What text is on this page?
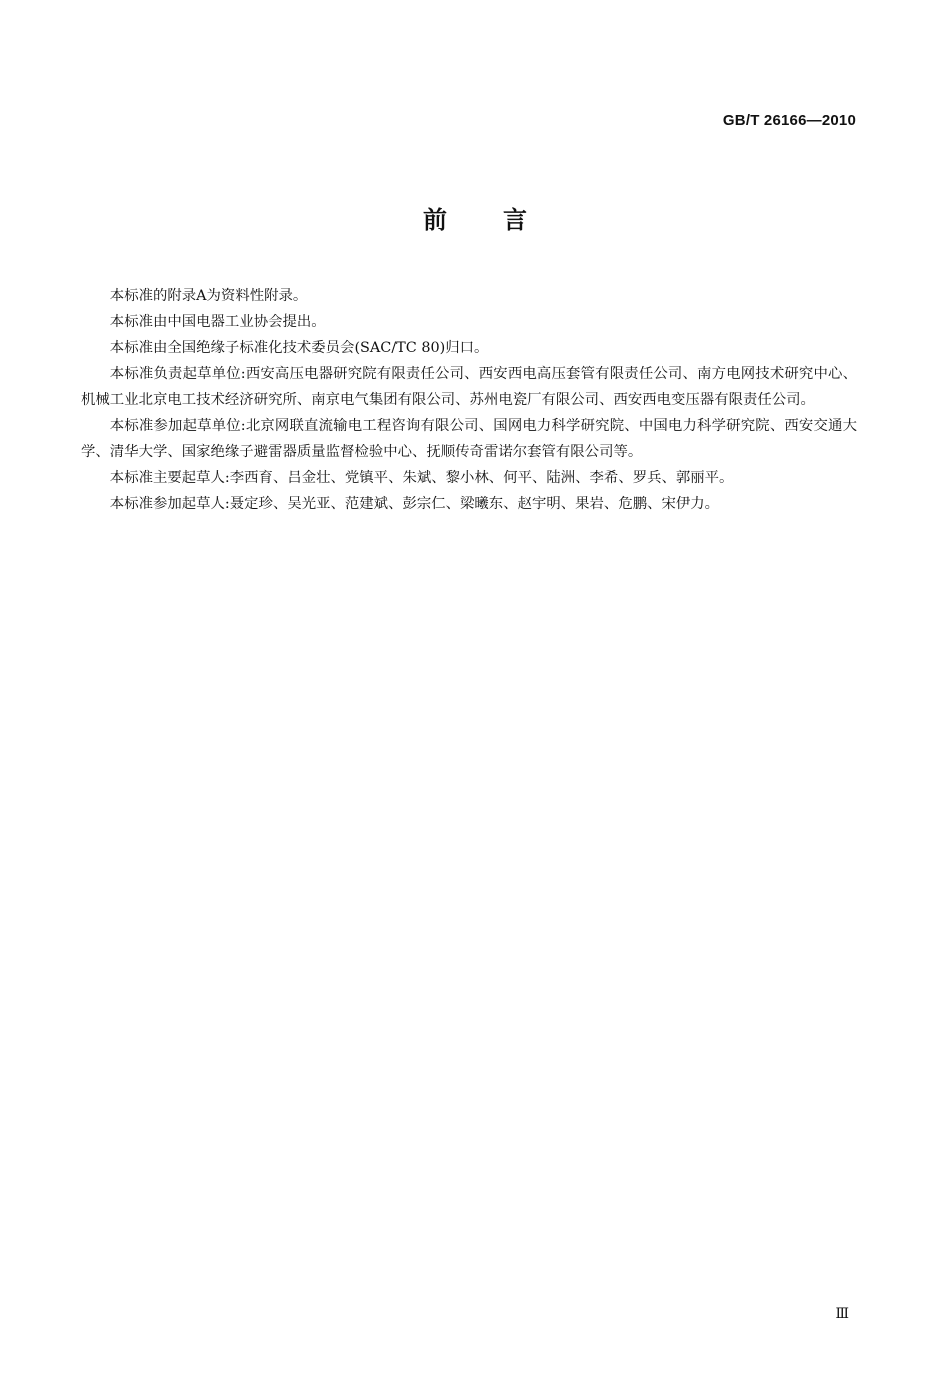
GB/T 26166—2010
前言

本标准的附录A为资料性附录。

本标准由中国电器工业协会提出。

本标准由全国绝缘子标准化技术委员会(SAC/TC 80)归口。

本标准负责起草单位:西安高压电器研究院有限责任公司、西安西电高压套管有限责任公司、南方电网技术研究中心、机械工业北京电工技术经济研究所、南京电气集团有限公司、苏州电瓷厂有限公司、西安西电变压器有限责任公司。

本标准参加起草单位:北京网联直流输电工程咨询有限公司、国网电力科学研究院、中国电力科学研究院、西安交通大学、清华大学、国家绝缘子避雷器质量监督检验中心、抚顺传奇雷诺尔套管有限公司等。

本标准主要起草人:李西育、吕金壮、党镇平、朱斌、黎小林、何平、陆洲、李希、罗兵、郭丽平。

本标准参加起草人:聂定珍、吴光亚、范建斌、彭宗仁、梁曦东、赵宇明、果岩、危鹏、宋伊力。

Ⅲ
